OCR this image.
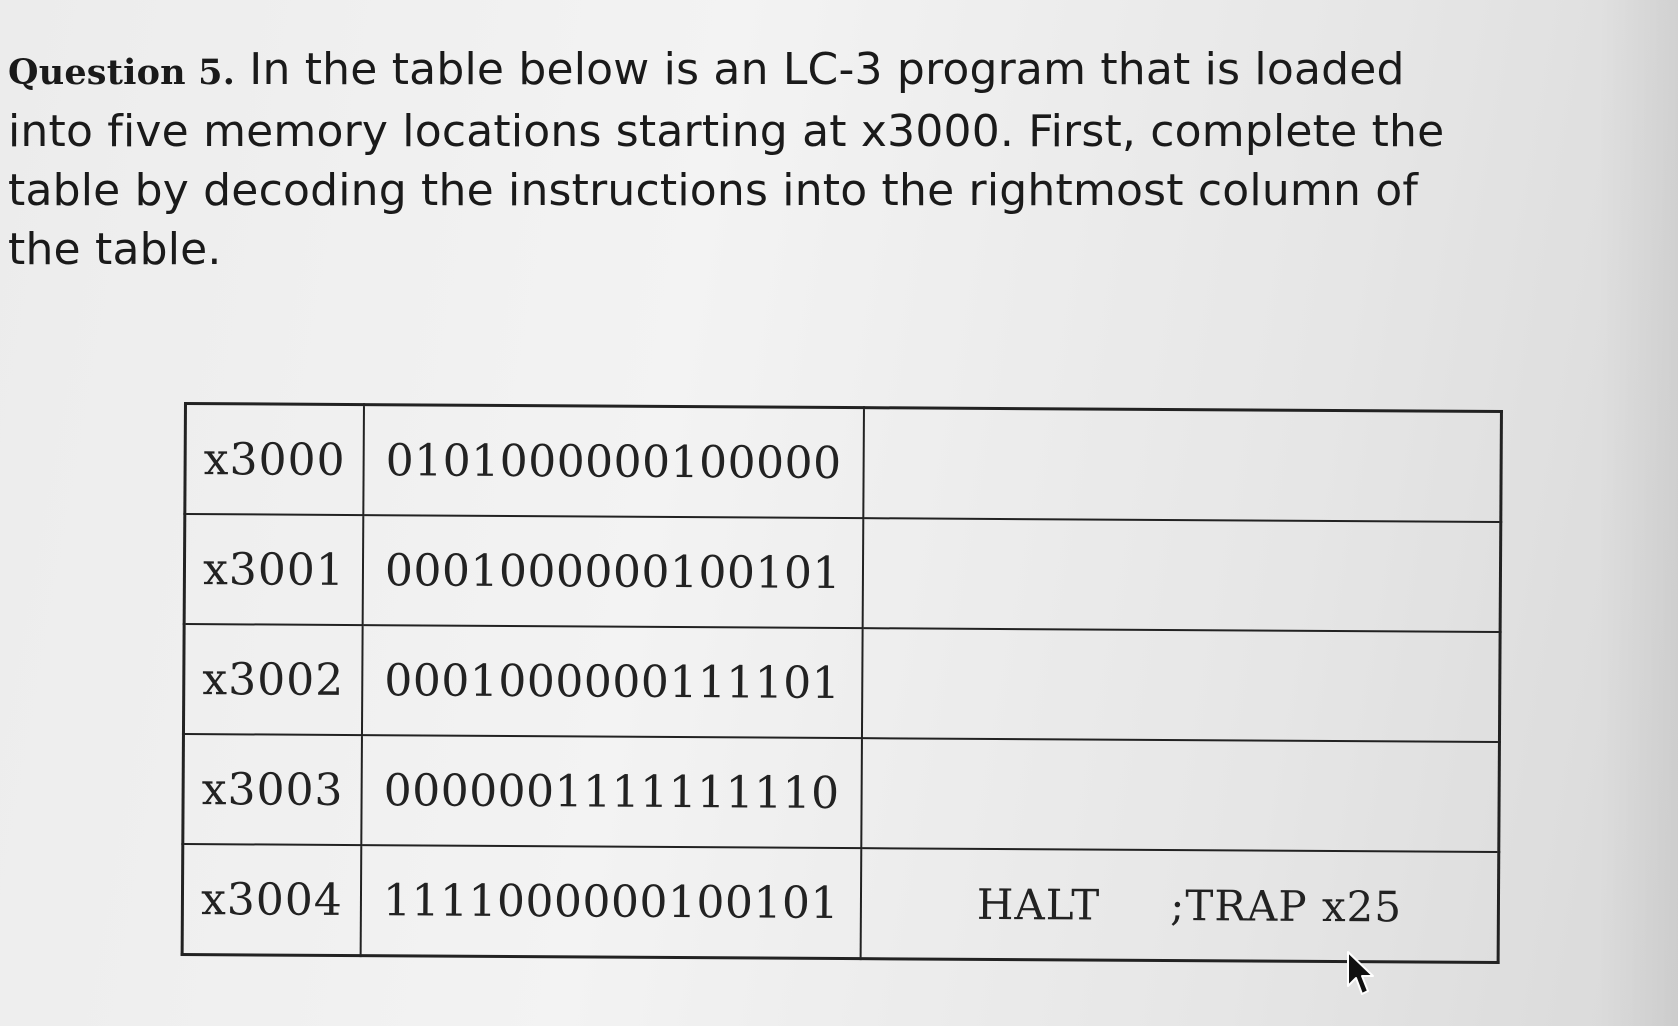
Question 5. In the table below is an LC-3 program that is loaded into five memory locations starting at x3000. First, complete the table by decoding the instructions into the rightmost column of the table.

x3000	0101000000100000	
x3001	0001000000100101	
x3002	0001000000111101	
x3003	0000001111111110	
x3004	1111000000100101	HALT ;TRAP x25
